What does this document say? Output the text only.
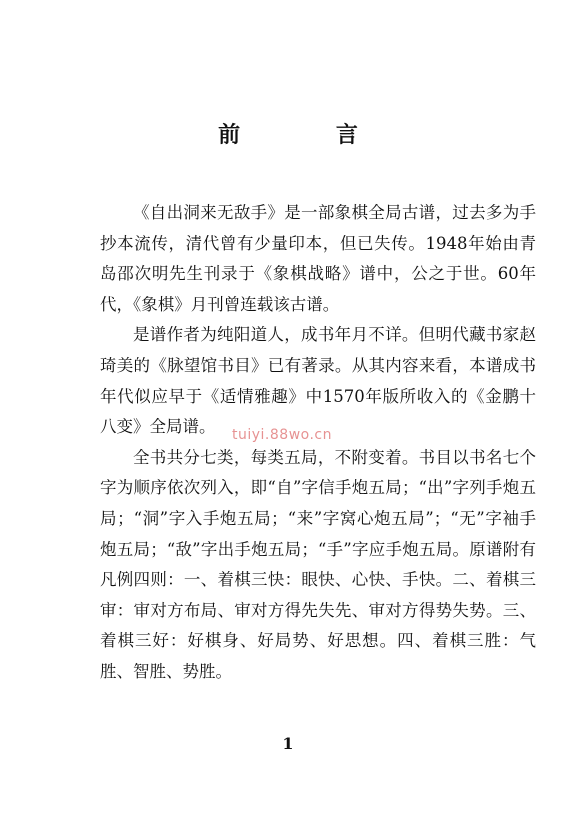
前 言

《自出洞来无敌手》是一部象棋全局古谱，过去多为手抄本流传，清代曾有少量印本，但已失传。1948年始由青岛邵次明先生刊录于《象棋战略》谱中，公之于世。60年代，《象棋》月刊曾连载该古谱。

是谱作者为纯阳道人，成书年月不详。但明代藏书家赵琦美的《脉望馆书目》已有著录。从其内容来看，本谱成书年代似应早于《适情雅趣》中1570年版所收入的《金鹏十八变》全局谱。

全书共分七类，每类五局，不附变着。书目以书名七个字为顺序依次列入，即“自”字信手炮五局；“出”字列手炮五局；“洞”字入手炮五局；“来”字窝心炮五局”；“无”字袖手炮五局；“敌”字出手炮五局；“手”字应手炮五局。原谱附有凡例四则：一、着棋三快：眼快、心快、手快。二、着棋三审：审对方布局、审对方得先失先、审对方得势失势。三、着棋三好：好棋身、好局势、好思想。四、着棋三胜：气胜、智胜、势胜。

tuiyi.88wo.cn
1
